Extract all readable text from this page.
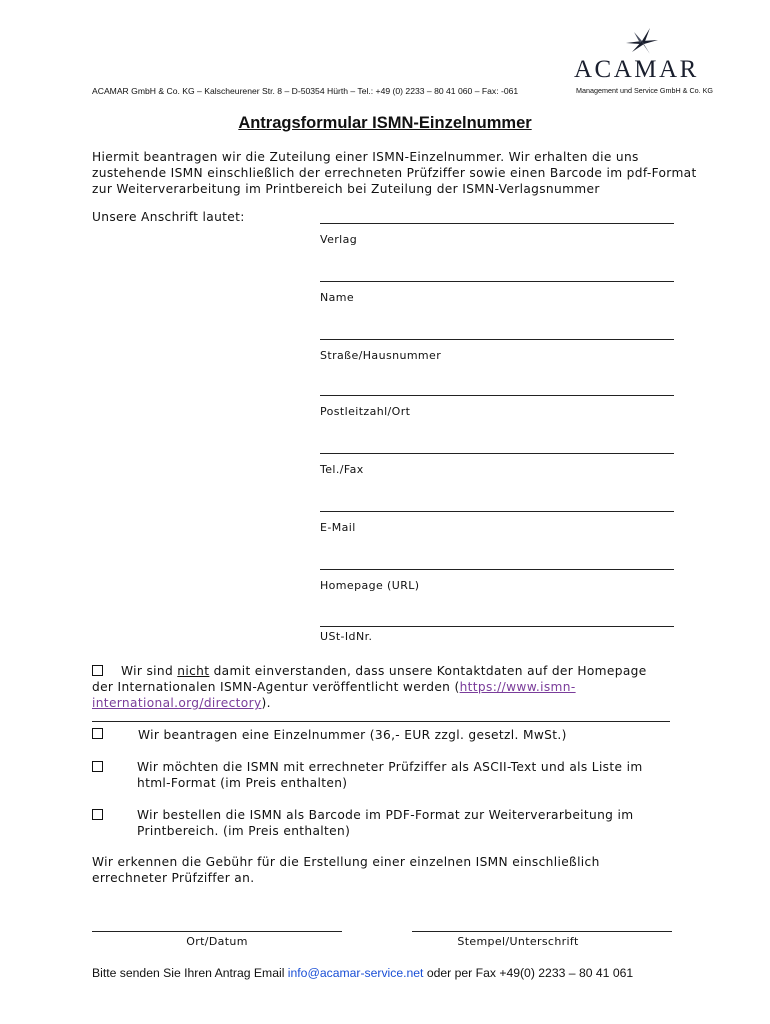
ACAMAR GmbH & Co. KG – Kalscheurener Str. 8 – D-50354 Hürth – Tel.: +49 (0) 2233 – 80 41 060 – Fax: -061
ACAMAR
Management und Service GmbH & Co. KG
Antragsformular ISMN-Einzelnummer
Hiermit beantragen wir die Zuteilung einer ISMN-Einzelnummer. Wir erhalten die uns
zustehende ISMN einschließlich der errechneten Prüfziffer sowie einen Barcode im pdf-Format
zur Weiterverarbeitung im Printbereich bei Zuteilung der ISMN-Verlagsnummer
Unsere Anschrift lautet:
Verlag
Name
Straße/Hausnummer
Postleitzahl/Ort
Tel./Fax
E-Mail
Homepage (URL)
USt-IdNr.
Wir sind nicht damit einverstanden, dass unsere Kontaktdaten auf der Homepage
der Internationalen ISMN-Agentur veröffentlicht werden (https://www.ismn-
international.org/directory).
Wir beantragen eine Einzelnummer (36,- EUR zzgl. gesetzl. MwSt.)
Wir möchten die ISMN mit errechneter Prüfziffer als ASCII-Text und als Liste im
html-Format (im Preis enthalten)
Wir bestellen die ISMN als Barcode im PDF-Format zur Weiterverarbeitung im
Printbereich. (im Preis enthalten)
Wir erkennen die Gebühr für die Erstellung einer einzelnen ISMN einschließlich
errechneter Prüfziffer an.
Ort/Datum	Stempel/Unterschrift
Bitte senden Sie Ihren Antrag Email info@acamar-service.net oder per Fax +49(0) 2233 – 80 41 061
